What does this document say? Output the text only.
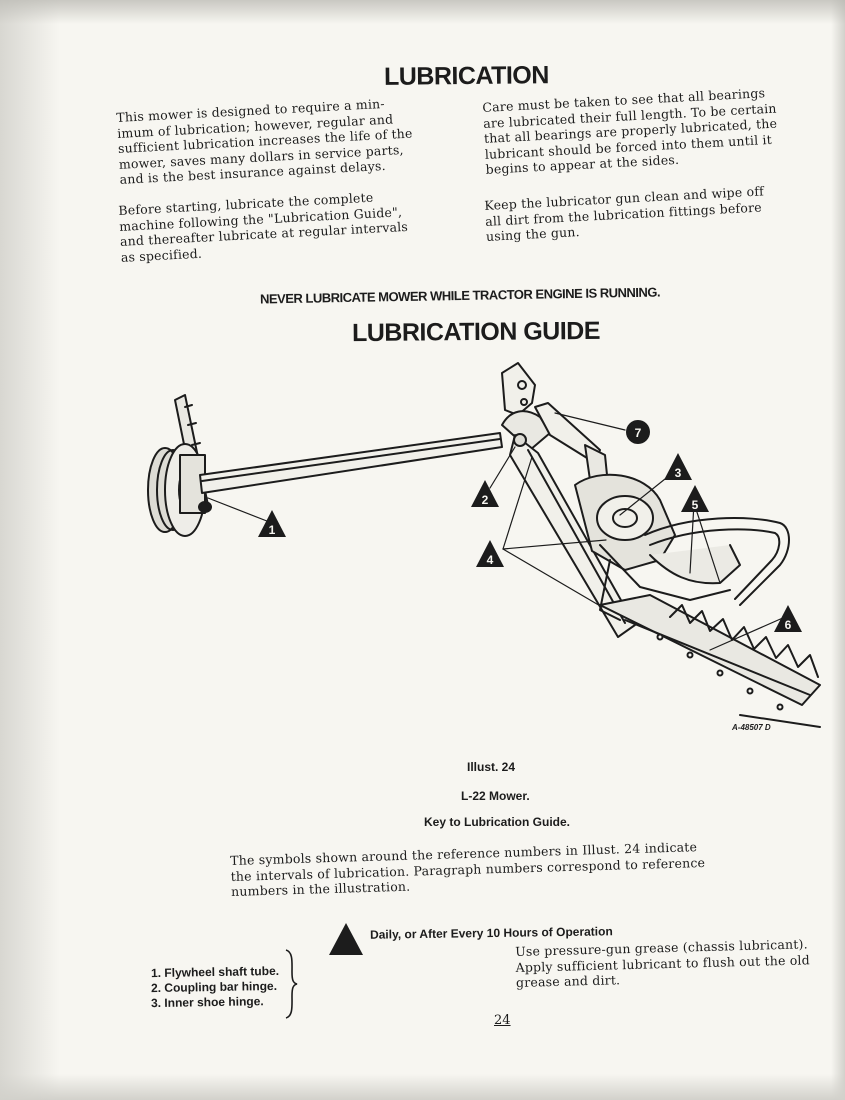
LUBRICATION

This mower is designed to require a min-
imum of lubrication; however, regular and
sufficient lubrication increases the life of the
mower, saves many dollars in service parts,
and is the best insurance against delays.

Before starting, lubricate the complete
machine following the "Lubrication Guide",
and thereafter lubricate at regular intervals
as specified.

Care must be taken to see that all bearings
are lubricated their full length. To be certain
that all bearings are properly lubricated, the
lubricant should be forced into them until it
begins to appear at the sides.

Keep the lubricator gun clean and wipe off
all dirt from the lubrication fittings before
using the gun.

NEVER LUBRICATE MOWER WHILE TRACTOR ENGINE IS RUNNING.
LUBRICATION GUIDE
1
2
3
4
5
6
7
A-48507 D

Illust. 24

L-22 Mower.

Key to Lubrication Guide.

The symbols shown around the reference numbers in Illust. 24 indicate
the intervals of lubrication. Paragraph numbers correspond to reference
numbers in the illustration.

Daily, or After Every 10 Hours of Operation

1. Flywheel shaft tube.
2. Coupling bar hinge.
3. Inner shoe hinge.

Use pressure-gun grease (chassis lubricant).
Apply sufficient lubricant to flush out the old
grease and dirt.

24
